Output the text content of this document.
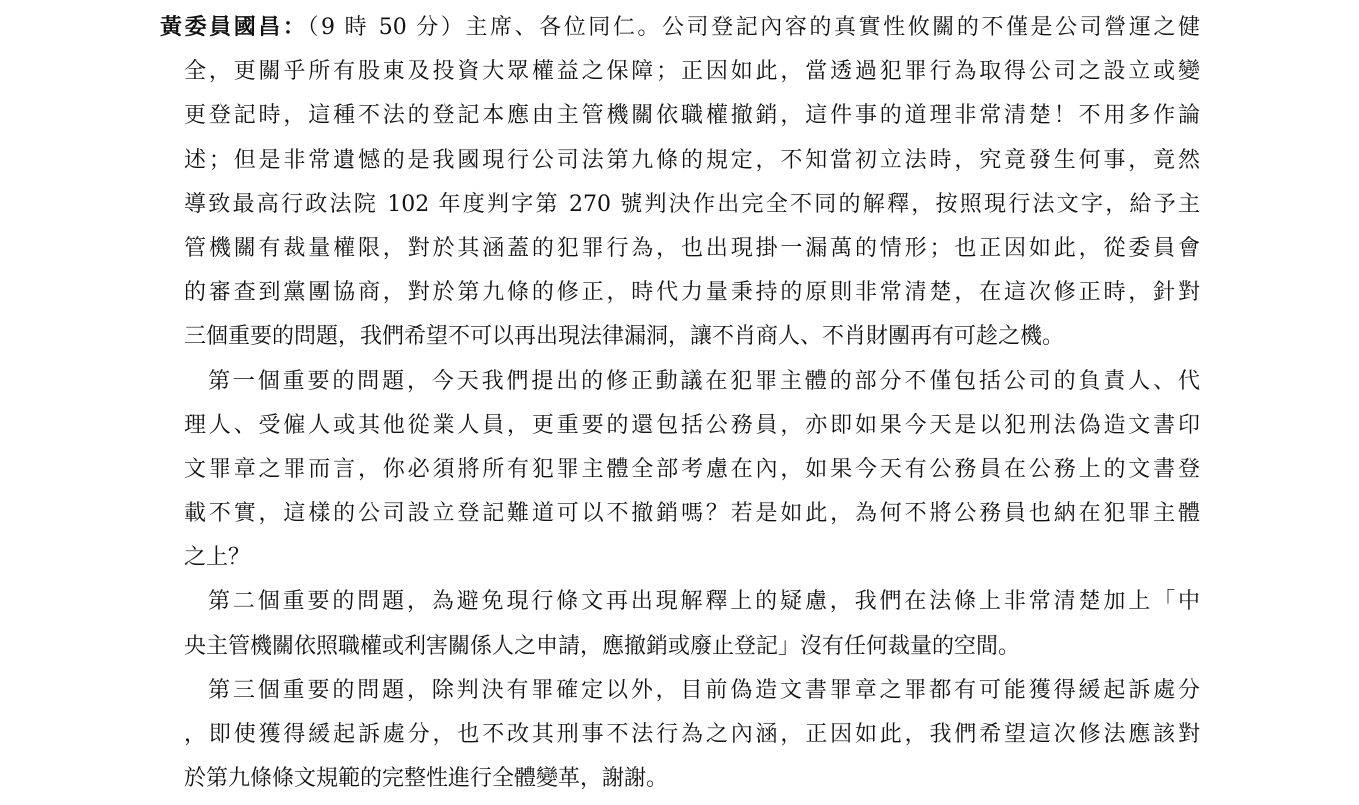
黃委員國昌：（9 時 50 分）主席、各位同仁。公司登記內容的真實性攸關的不僅是公司營運之健
全，更關乎所有股東及投資大眾權益之保障；正因如此，當透過犯罪行為取得公司之設立或變
更登記時，這種不法的登記本應由主管機關依職權撤銷，這件事的道理非常清楚！不用多作論
述；但是非常遺憾的是我國現行公司法第九條的規定，不知當初立法時，究竟發生何事，竟然
導致最高行政法院 102 年度判字第 270 號判決作出完全不同的解釋，按照現行法文字，給予主
管機關有裁量權限，對於其涵蓋的犯罪行為，也出現掛一漏萬的情形；也正因如此，從委員會
的審查到黨團協商，對於第九條的修正，時代力量秉持的原則非常清楚，在這次修正時，針對
三個重要的問題，我們希望不可以再出現法律漏洞，讓不肖商人、不肖財團再有可趁之機。
第一個重要的問題，今天我們提出的修正動議在犯罪主體的部分不僅包括公司的負責人、代
理人、受僱人或其他從業人員，更重要的還包括公務員，亦即如果今天是以犯刑法偽造文書印
文罪章之罪而言，你必須將所有犯罪主體全部考慮在內，如果今天有公務員在公務上的文書登
載不實，這樣的公司設立登記難道可以不撤銷嗎？若是如此，為何不將公務員也納在犯罪主體
之上？
第二個重要的問題，為避免現行條文再出現解釋上的疑慮，我們在法條上非常清楚加上「中
央主管機關依照職權或利害關係人之申請，應撤銷或廢止登記」沒有任何裁量的空間。
第三個重要的問題，除判決有罪確定以外，目前偽造文書罪章之罪都有可能獲得緩起訴處分
，即使獲得緩起訴處分，也不改其刑事不法行為之內涵，正因如此，我們希望這次修法應該對
於第九條條文規範的完整性進行全體變革，謝謝。
